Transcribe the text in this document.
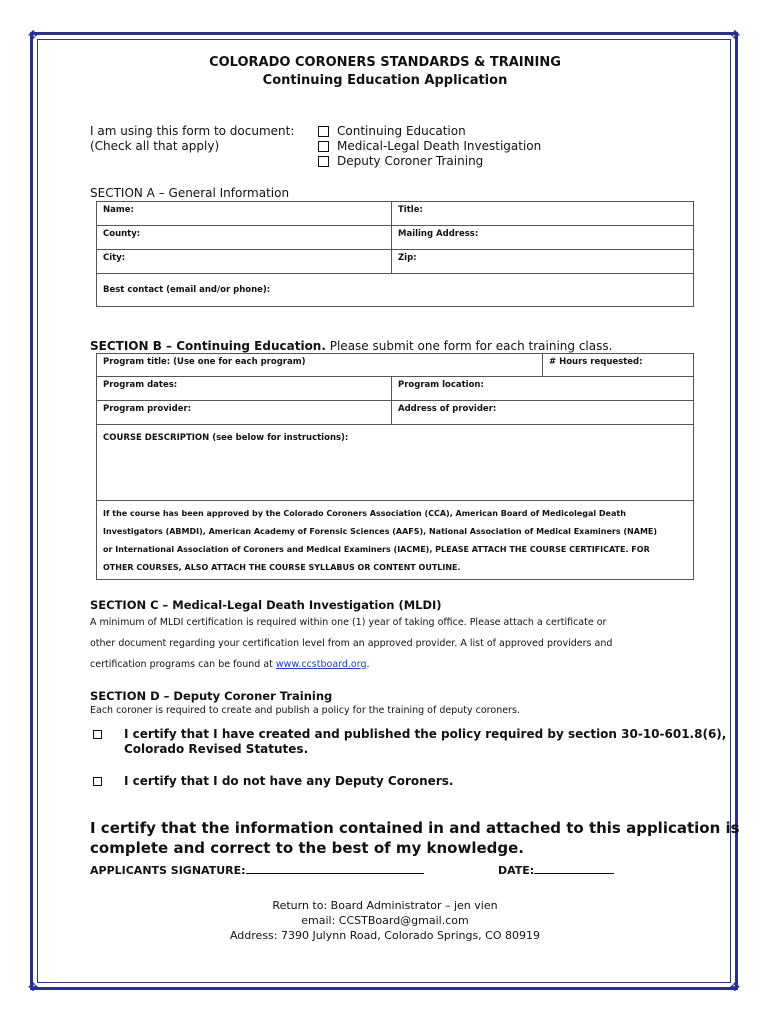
✥	✥
✥	✥
COLORADO CORONERS STANDARDS & TRAINING
Continuing Education Application
I am using this form to document:
(Check all that apply)
Continuing Education
Medical-Legal Death Investigation
Deputy Coroner Training
SECTION A – General Information
Name:	Title:
County:	Mailing Address:
City:	Zip:
Best contact (email and/or phone):	
SECTION B – Continuing Education. Please submit one form for each training class.
Program title: (Use one for each program) # Hours requested:	

Program dates:	Program location:
Program provider:	Address of provider:
COURSE DESCRIPTION (see below for instructions):	

If the course has been approved by the Colorado Coroners Association (CCA), American Board of Medicolegal Death
Investigators (ABMDI), American Academy of Forensic Sciences (AAFS), National Association of Medical Examiners (NAME)
or International Association of Coroners and Medical Examiners (IACME), PLEASE ATTACH THE COURSE CERTIFICATE. FOR
OTHER COURSES, ALSO ATTACH THE COURSE SYLLABUS OR CONTENT OUTLINE.	
SECTION C – Medical-Legal Death Investigation (MLDI)
A minimum of MLDI certification is required within one (1) year of taking office. Please attach a certificate or
other document regarding your certification level from an approved provider. A list of approved providers and
certification programs can be found at www.ccstboard.org.
SECTION D – Deputy Coroner Training
Each coroner is required to create and publish a policy for the training of deputy coroners.
I certify that I have created and published the policy required by section 30-10-601.8(6),
Colorado Revised Statutes.
I certify that I do not have any Deputy Coroners.
I certify that the information contained in and attached to this application is
complete and correct to the best of my knowledge.
APPLICANTS SIGNATURE:	DATE:
Return to: Board Administrator – jen vien
email: CCSTBoard@gmail.com
Address: 7390 Julynn Road, Colorado Springs, CO 80919
